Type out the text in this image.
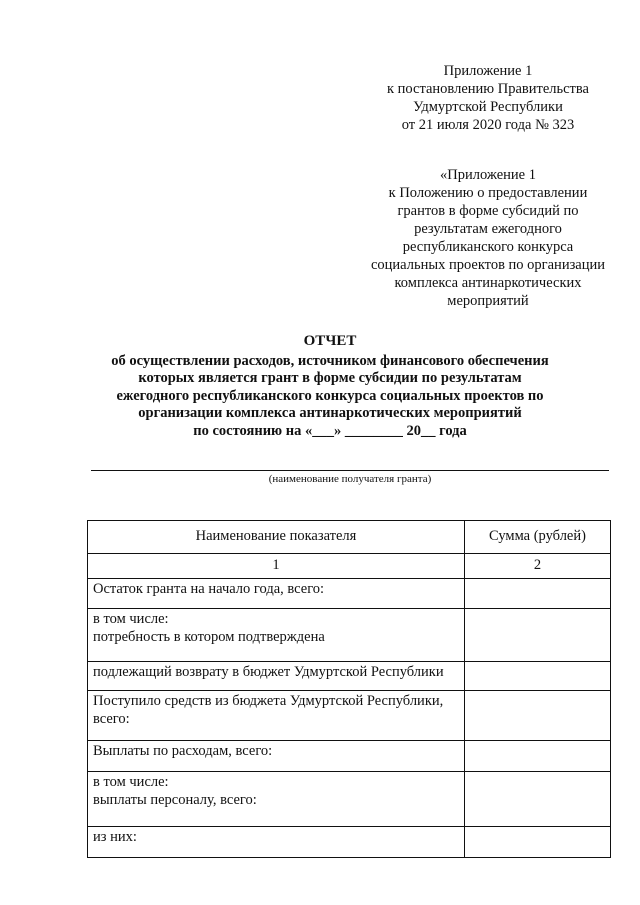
Приложение 1
к постановлению Правительства
Удмуртской Республики
от 21 июля 2020 года № 323
«Приложение 1
к Положению о предоставлении
грантов в форме субсидий по
результатам ежегодного
республиканского конкурса
социальных проектов по организации
комплекса антинаркотических
мероприятий
ОТЧЕТ
об осуществлении расходов, источником финансового обеспечения
которых является грант в форме субсидии по результатам
ежегодного республиканского конкурса социальных проектов по
организации комплекса антинаркотических мероприятий
по состоянию на «___» ________ 20__ года
(наименование получателя гранта)
Наименование показателя	Сумма (рублей)
1	2

Остаток гранта на начало года, всего:	

в том числе:
потребность в котором подтверждена	

подлежащий возврату в бюджет Удмуртской Республики	

Поступило средств из бюджета Удмуртской Республики,
всего:	

Выплаты по расходам, всего:	

в том числе:
выплаты персоналу, всего:	

из них:	
